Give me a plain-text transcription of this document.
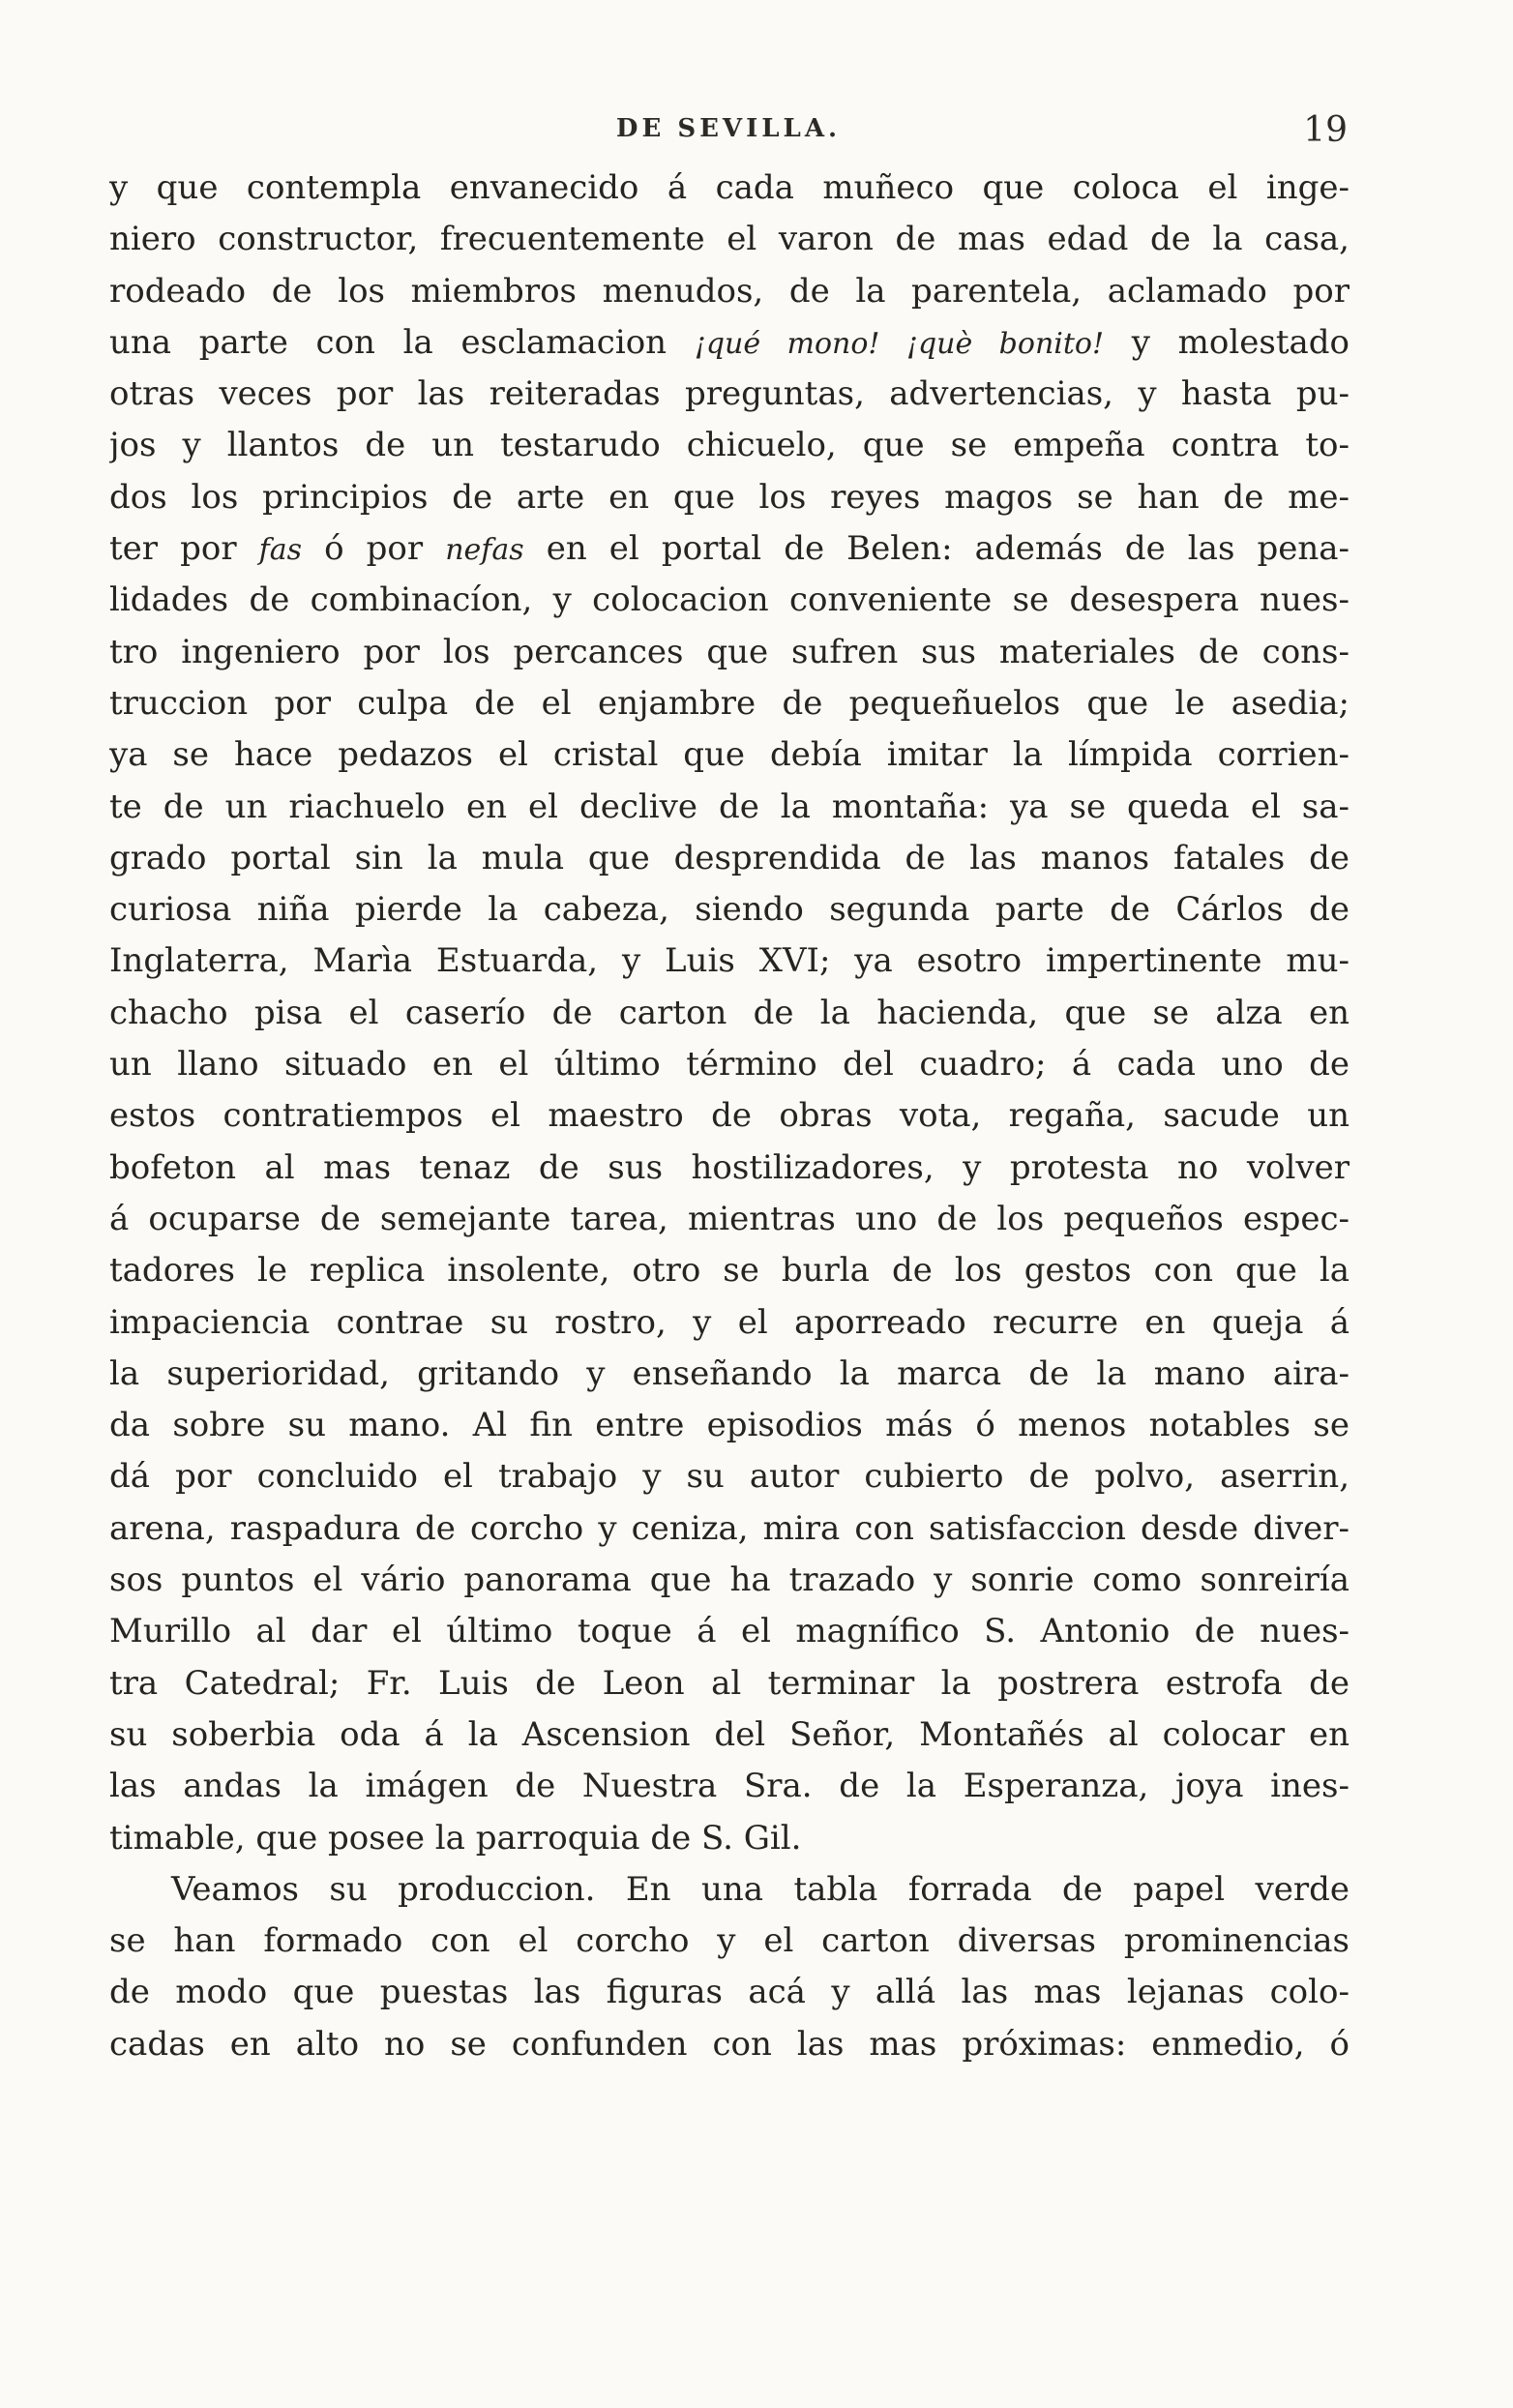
DE SEVILLA.	19
y que contempla envanecido á cada muñeco que coloca el inge-
niero constructor, frecuentemente el varon de mas edad de la casa,
rodeado de los miembros menudos, de la parentela, aclamado por
una parte con la esclamacion ¡qué mono! ¡què bonito! y molestado
otras veces por las reiteradas preguntas, advertencias, y hasta pu-
jos y llantos de un testarudo chicuelo, que se empeña contra to-
dos los principios de arte en que los reyes magos se han de me-
ter por fas ó por nefas en el portal de Belen: además de las pena-
lidades de combinacíon, y colocacion conveniente se desespera nues-
tro ingeniero por los percances que sufren sus materiales de cons-
truccion por culpa de el enjambre de pequeñuelos que le asedia;
ya se hace pedazos el cristal que debía imitar la límpida corrien-
te de un riachuelo en el declive de la montaña: ya se queda el sa-
grado portal sin la mula que desprendida de las manos fatales de
curiosa niña pierde la cabeza, siendo segunda parte de Cárlos de
Inglaterra, Marìa Estuarda, y Luis XVI; ya esotro impertinente mu-
chacho pisa el caserío de carton de la hacienda, que se alza en
un llano situado en el último término del cuadro; á cada uno de
estos contratiempos el maestro de obras vota, regaña, sacude un
bofeton al mas tenaz de sus hostilizadores, y protesta no volver
á ocuparse de semejante tarea, mientras uno de los pequeños espec-
tadores le replica insolente, otro se burla de los gestos con que la
impaciencia contrae su rostro, y el aporreado recurre en queja á
la superioridad, gritando y enseñando la marca de la mano aira-
da sobre su mano. Al fin entre episodios más ó menos notables se
dá por concluido el trabajo y su autor cubierto de polvo, aserrin,
arena, raspadura de corcho y ceniza, mira con satisfaccion desde diver-
sos puntos el vário panorama que ha trazado y sonrie como sonreiría
Murillo al dar el último toque á el magnífico S. Antonio de nues-
tra Catedral; Fr. Luis de Leon al terminar la postrera estrofa de
su soberbia oda á la Ascension del Señor, Montañés al colocar en
las andas la imágen de Nuestra Sra. de la Esperanza, joya ines-
timable, que posee la parroquia de S. Gil.
Veamos su produccion. En una tabla forrada de papel verde
se han formado con el corcho y el carton diversas prominencias
de modo que puestas las figuras acá y allá las mas lejanas colo-
cadas en alto no se confunden con las mas próximas: enmedio, ó
